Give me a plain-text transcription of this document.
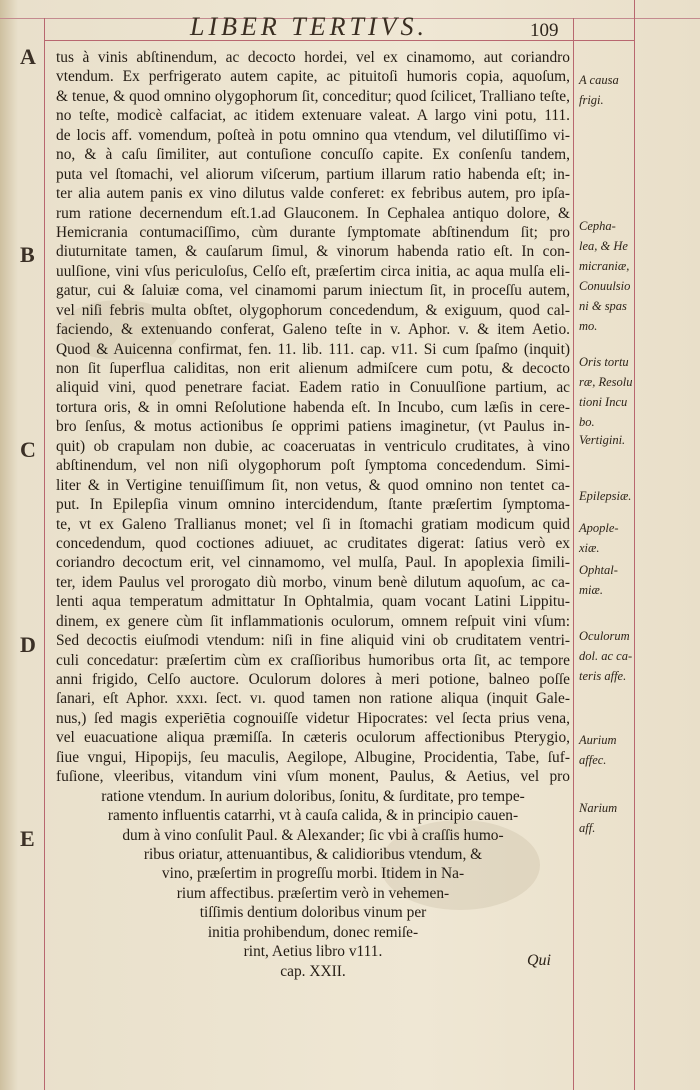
LIBER TERTIVS.	109
A
B
C
D
E
tus à vinis abſtinendum, ac decocto hordei, vel ex cinamomo, aut coriandro
vtendum. Ex perfrigerato autem capite, ac pituitoſi humoris copia, aquoſum,
& tenue, & quod omnino olygophorum ſit, conceditur; quod ſcilicet, Tralliano teſte,
no teſte, modicè calfaciat, ac itidem extenuare valeat. A largo vini potu, 111.
de locis aff. vomendum, poſteà in potu omnino qua vtendum, vel dilutiſſimo vi-
no, & à caſu ſimiliter, aut contuſione concuſſo capite. Ex conſenſu tandem,
puta vel ſtomachi, vel aliorum viſcerum, partium illarum ratio habenda eſt; in-
ter alia autem panis ex vino dilutus valde conferet: ex febribus autem, pro ipſa-
rum ratione decernendum eſt.1.ad Glauconem. In Cephalea antiquo dolore, &
Hemicrania contumaciſſimo, cùm durante ſymptomate abſtinendum ſit; pro
diuturnitate tamen, & cauſarum ſimul, & vinorum habenda ratio eſt. In con-
uulſione, vini vſus periculoſus, Celſo eſt, præſertim circa initia, ac aqua mulſa eli-
gatur, cui & ſaluiæ coma, vel cinamomi parum iniectum ſit, in proceſſu autem,
vel niſi febris multa obſtet, olygophorum concedendum, & exiguum, quod cal-
faciendo, & extenuando conferat, Galeno teſte in v. Aphor. v. & item Aetio.
Quod & Auicenna confirmat, fen. 11. lib. 111. cap. v11. Si cum ſpaſmo (inquit)
non ſit ſuperflua caliditas, non erit alienum admiſcere cum potu, & decocto
aliquid vini, quod penetrare faciat. Eadem ratio in Conuulſione partium, ac
tortura oris, & in omni Reſolutione habenda eſt. In Incubo, cum læſis in cere-
bro ſenſus, & motus actionibus ſe opprimi patiens imaginetur, (vt Paulus in-
quit) ob crapulam non dubie, ac coaceruatas in ventriculo cruditates, à vino
abſtinendum, vel non niſi olygophorum poſt ſymptoma concedendum. Simi-
liter & in Vertigine tenuiſſimum ſit, non vetus, & quod omnino non tentet ca-
put. In Epilepſia vinum omnino intercidendum, ſtante præſertim ſymptoma-
te, vt ex Galeno Trallianus monet; vel ſi in ſtomachi gratiam modicum quid
concedendum, quod coctiones adiuuet, ac cruditates digerat: ſatius verò ex
coriandro decoctum erit, vel cinnamomo, vel mulſa, Paul. In apoplexia ſimili-
ter, idem Paulus vel prorogato diù morbo, vinum benè dilutum aquoſum, ac ca-
lenti aqua temperatum admittatur In Ophtalmia, quam vocant Latini Lippitu-
dinem, ex genere cùm ſit inflammationis oculorum, omnem reſpuit vini vſum:
Sed decoctis eiuſmodi vtendum: niſi in fine aliquid vini ob cruditatem ventri-
culi concedatur: præſertim cùm ex craſſioribus humoribus orta ſit, ac tempore
anni frigido, Celſo auctore. Oculorum dolores à meri potione, balneo poſſe
ſanari, eſt Aphor. xxxı. ſect. vı. quod tamen non ratione aliqua (inquit Gale-
nus,) ſed magis experiētia cognouiſſe videtur Hipocrates: vel ſecta prius vena,
vel euacuatione aliqua præmiſſa. In cæteris oculorum affectionibus Pterygio,
ſiue vngui, Hipopijs, ſeu maculis, Aegilope, Albugine, Procidentia, Tabe, ſuf-
fuſione, vleeribus, vitandum vini vſum monent, Paulus, & Aetius, vel pro
ratione vtendum. In aurium doloribus, ſonitu, & ſurditate, pro tempe-
ramento influentis catarrhi, vt à cauſa calida, & in principio cauen-
dum à vino conſulit Paul. & Alexander; ſic vbi à craſſis humo-
ribus oriatur, attenuantibus, & calidioribus vtendum, &
vino, præſertim in progreſſu morbi. Itidem in Na-
rium affectibus. præſertim verò in vehemen-
tiſſimis dentium doloribus vinum per
initia prohibendum, donec remiſe-
rint, Aetius libro v111.
cap. XXII.
A causa frigi.
Cepha-lea, & He micraniæ, Conuulsio ni & spas mo.
Oris tortu ræ, Resolu tioni Incu bo.
Vertigini.
Epilepsiæ.
Apople-xiæ.
Ophtal-miæ.
Oculorum dol. ac ca-teris affe.
Aurium affec.
Narium aff.
Qui
